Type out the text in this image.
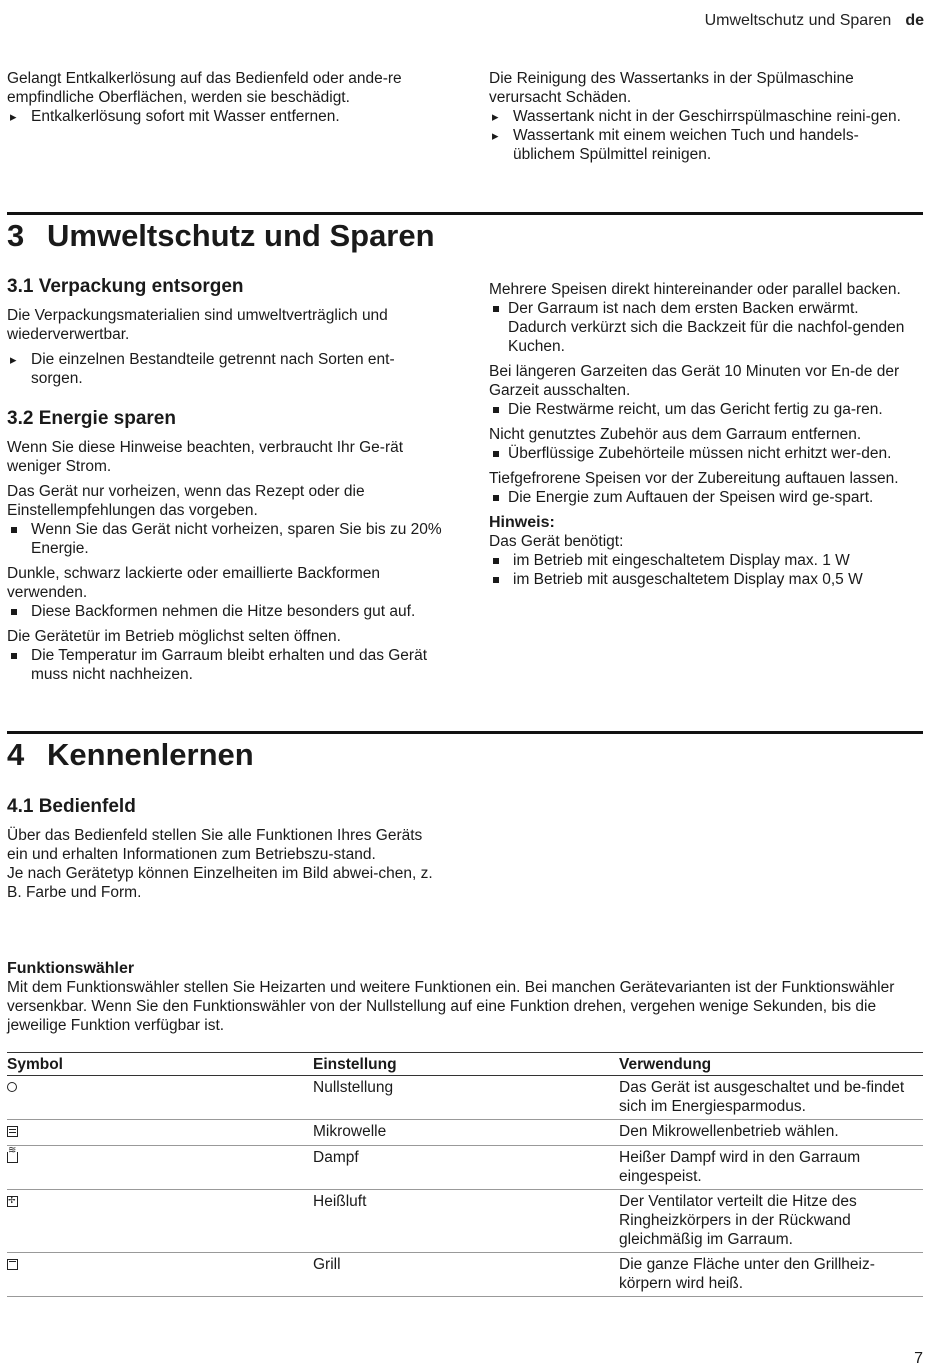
Umweltschutz und Sparen de

Gelangt Entkalkerlösung auf das Bedienfeld oder ande-re empfindliche Oberflächen, werden sie beschädigt.

▸ Entkalkerlösung sofort mit Wasser entfernen.

Die Reinigung des Wassertanks in der Spülmaschine verursacht Schäden.

▸ Wassertank nicht in der Geschirrspülmaschine reini-gen.
▸ Wassertank mit einem weichen Tuch und handels-üblichem Spülmittel reinigen.
3 Umweltschutz und Sparen
3.1 Verpackung entsorgen

Die Verpackungsmaterialien sind umweltverträglich und wiederverwertbar.

▸ Die einzelnen Bestandteile getrennt nach Sorten ent-sorgen.
3.2 Energie sparen

Wenn Sie diese Hinweise beachten, verbraucht Ihr Ge-rät weniger Strom.

Das Gerät nur vorheizen, wenn das Rezept oder die Einstellempfehlungen das vorgeben.

Wenn Sie das Gerät nicht vorheizen, sparen Sie bis zu 20% Energie.

Dunkle, schwarz lackierte oder emaillierte Backformen verwenden.

Diese Backformen nehmen die Hitze besonders gut auf.

Die Gerätetür im Betrieb möglichst selten öffnen.

Die Temperatur im Garraum bleibt erhalten und das Gerät muss nicht nachheizen.

Mehrere Speisen direkt hintereinander oder parallel backen.

Der Garraum ist nach dem ersten Backen erwärmt. Dadurch verkürzt sich die Backzeit für die nachfol-genden Kuchen.

Bei längeren Garzeiten das Gerät 10 Minuten vor En-de der Garzeit ausschalten.

Die Restwärme reicht, um das Gericht fertig zu ga-ren.

Nicht genutztes Zubehör aus dem Garraum entfernen.

Überflüssige Zubehörteile müssen nicht erhitzt wer-den.

Tiefgefrorene Speisen vor der Zubereitung auftauen lassen.

Die Energie zum Auftauen der Speisen wird ge-spart.

Hinweis:

Das Gerät benötigt:

im Betrieb mit eingeschaltetem Display max. 1 W
im Betrieb mit ausgeschaltetem Display max 0,5 W
4 Kennenlernen
4.1 Bedienfeld

Über das Bedienfeld stellen Sie alle Funktionen Ihres Geräts ein und erhalten Informationen zum Betriebszu-stand.

Je nach Gerätetyp können Einzelheiten im Bild abwei-chen, z. B. Farbe und Form.

Funktionswähler

Mit dem Funktionswähler stellen Sie Heizarten und weitere Funktionen ein. Bei manchen Gerätevarianten ist der Funktionswähler versenkbar. Wenn Sie den Funktionswähler von der Nullstellung auf eine Funktion drehen, vergehen wenige Sekunden, bis die jeweilige Funktion verfügbar ist.

Symbol	Einstellung	Verwendung
	Nullstellung	Das Gerät ist ausgeschaltet und be-findet sich im Energiesparmodus.
	Mikrowelle	Den Mikrowellenbetrieb wählen.
≋	Dampf	Heißer Dampf wird in den Garraum eingespeist.
✢	Heißluft	Der Ventilator verteilt die Hitze des Ringheizkörpers in der Rückwand gleichmäßig im Garraum.
	Grill	Die ganze Fläche unter den Grillheiz-körpern wird heiß.
7
